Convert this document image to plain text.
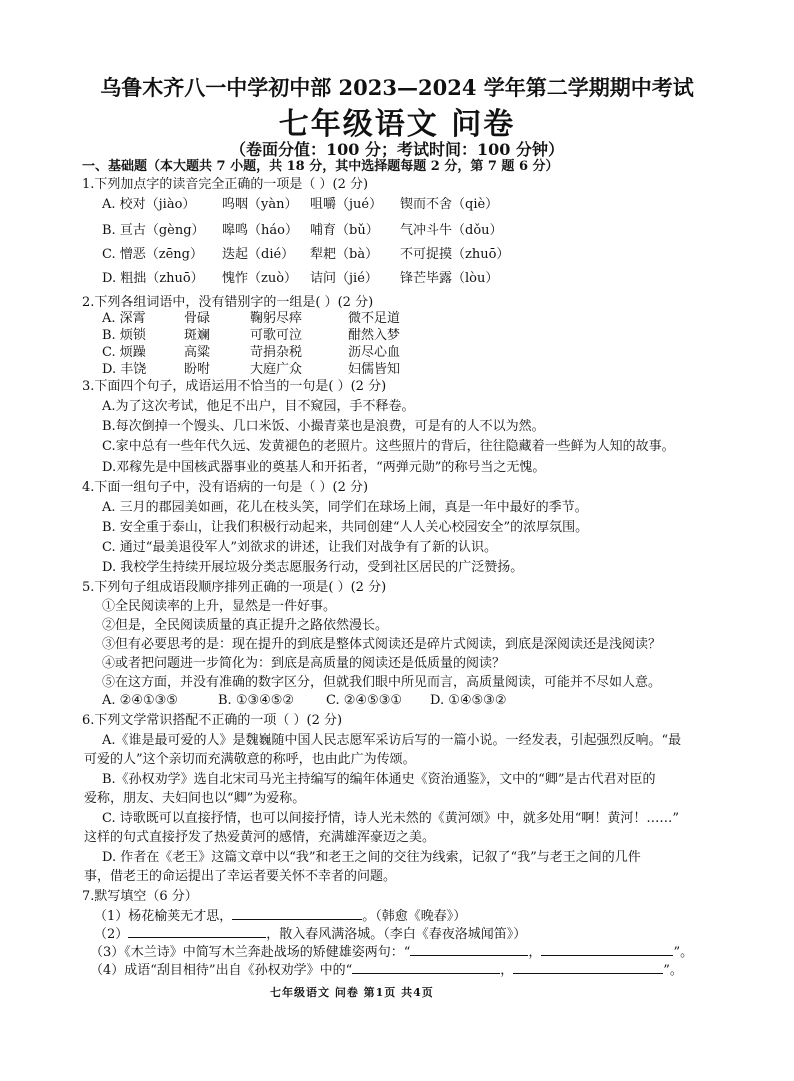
乌鲁木齐八一中学初中部 2023—2024 学年第二学期期中考试
七年级语文 问卷
（卷面分值：100 分；考试时间：100 分钟）
一、基础题（本大题共 7 小题，共 18 分，其中选择题每题 2 分，第 7 题 6 分）
1.下列加点字的读音完全正确的一项是（ ）(2 分)
A. 校对（jiào） 呜咽（yàn） 咀嚼（jué） 锲而不舍（qiè）
B. 亘古（gèng） 嗥鸣（háo） 哺育（bǔ） 气冲斗牛（dǒu）
C. 憎恶（zēng） 迭起（dié） 犁耙（bà） 不可捉摸（zhuō）
D. 粗拙（zhuō） 愧怍（zuò） 诘问（jié） 锋芒毕露（lòu）
2.下列各组词语中，没有错别字的一组是( ）(2 分)
A. 深霄	骨碌	鞠躬尽瘁	微不足道
B. 烦锁	斑斓	可歌可泣	酣然入梦
C. 烦躁	高粱	苛捐杂税	沥尽心血
D. 丰饶	盼咐	大庭广众	妇儒皆知
3.下面四个句子，成语运用不恰当的一句是( ）(2 分)
A.为了这次考试，他足不出户，目不窥园，手不释卷。
B.每次倒掉一个馒头、几口米饭、小撮青菜也是浪费，可是有的人不以为然。
C.家中总有一些年代久远、发黄褪色的老照片。这些照片的背后，往往隐藏着一些鲜为人知的故事。
D.邓稼先是中国核武器事业的奠基人和开拓者，“两弹元勋”的称号当之无愧。
4.下面一组句子中，没有语病的一句是（ ）(2 分)
A. 三月的郡园美如画，花儿在枝头笑，同学们在球场上闹，真是一年中最好的季节。
B. 安全重于泰山，让我们积极行动起来，共同创建“人人关心校园安全”的浓厚氛围。
C. 通过“最美退役军人”刘欲求的讲述，让我们对战争有了新的认识。
D. 我校学生持续开展垃圾分类志愿服务行动，受到社区居民的广泛赞扬。
5.下列句子组成语段顺序排列正确的一项是( ）(2 分)
①全民阅读率的上升，显然是一件好事。
②但是，全民阅读质量的真正提升之路依然漫长。
③但有必要思考的是：现在提升的到底是整体式阅读还是碎片式阅读，到底是深阅读还是浅阅读？
④或者把问题进一步简化为：到底是高质量的阅读还是低质量的阅读？
⑤在这方面，并没有准确的数字区分，但就我们眼中所见而言，高质量阅读，可能并不尽如人意。
A. ②④①③⑤	B. ①③④⑤② C. ②④⑤③① D. ①④⑤③②
6.下列文学常识搭配不正确的一项（ ）(2 分)
A.《谁是最可爱的人》是魏巍随中国人民志愿军采访后写的一篇小说。一经发表，引起强烈反响。“最
可爱的人”这个亲切而充满敬意的称呼，也由此广为传颂。
B.《孙权劝学》选自北宋司马光主持编写的编年体通史《资治通鉴》，文中的“卿”是古代君对臣的
爱称，朋友、夫妇间也以“卿”为爱称。
C. 诗歌既可以直接抒情，也可以间接抒情，诗人光未然的《黄河颂》中，就多处用“啊！黄河！……”
这样的句式直接抒发了热爱黄河的感情，充满雄浑豪迈之美。
D. 作者在《老王》这篇文章中以“我”和老王之间的交往为线索，记叙了“我”与老王之间的几件
事，借老王的命运提出了幸运者要关怀不幸者的问题。
7.默写填空（6 分）
（1）杨花榆荚无才思，	。（韩愈《晚春》）
（2）	，散入春风满洛城。（李白《春夜洛城闻笛》）
（3）《木兰诗》中简写木兰奔赴战场的矫健雄姿两句：“	，	”。
（4）成语“刮目相待”出自《孙权劝学》中的“	，	”。
七年级语文 问卷 第1页 共4页
